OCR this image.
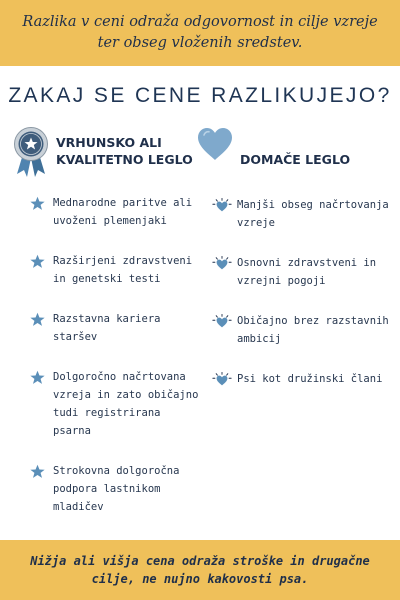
Razlika v ceni odraža odgovornost in cilje vzreje ter obseg vloženih sredstev.

ZAKAJ SE CENE RAZLIKUJEJO?
VRHUNSKO ALI KVALITETNO LEGLO
Mednarodne paritve ali uvoženi plemenjaki
Razširjeni zdravstveni in genetski testi
Razstavna kariera staršev
Dolgoročno načrtovana vzreja in zato običajno tudi registrirana psarna
Strokovna dolgoročna podpora lastnikom mladičev
DOMAČE LEGLO
Manjši obseg načrtovanja vzreje
Osnovni zdravstveni in vzrejni pogoji
Običajno brez razstavnih ambicij
Psi kot družinski člani

Nižja ali višja cena odraža stroške in drugačne cilje, ne nujno kakovosti psa.
